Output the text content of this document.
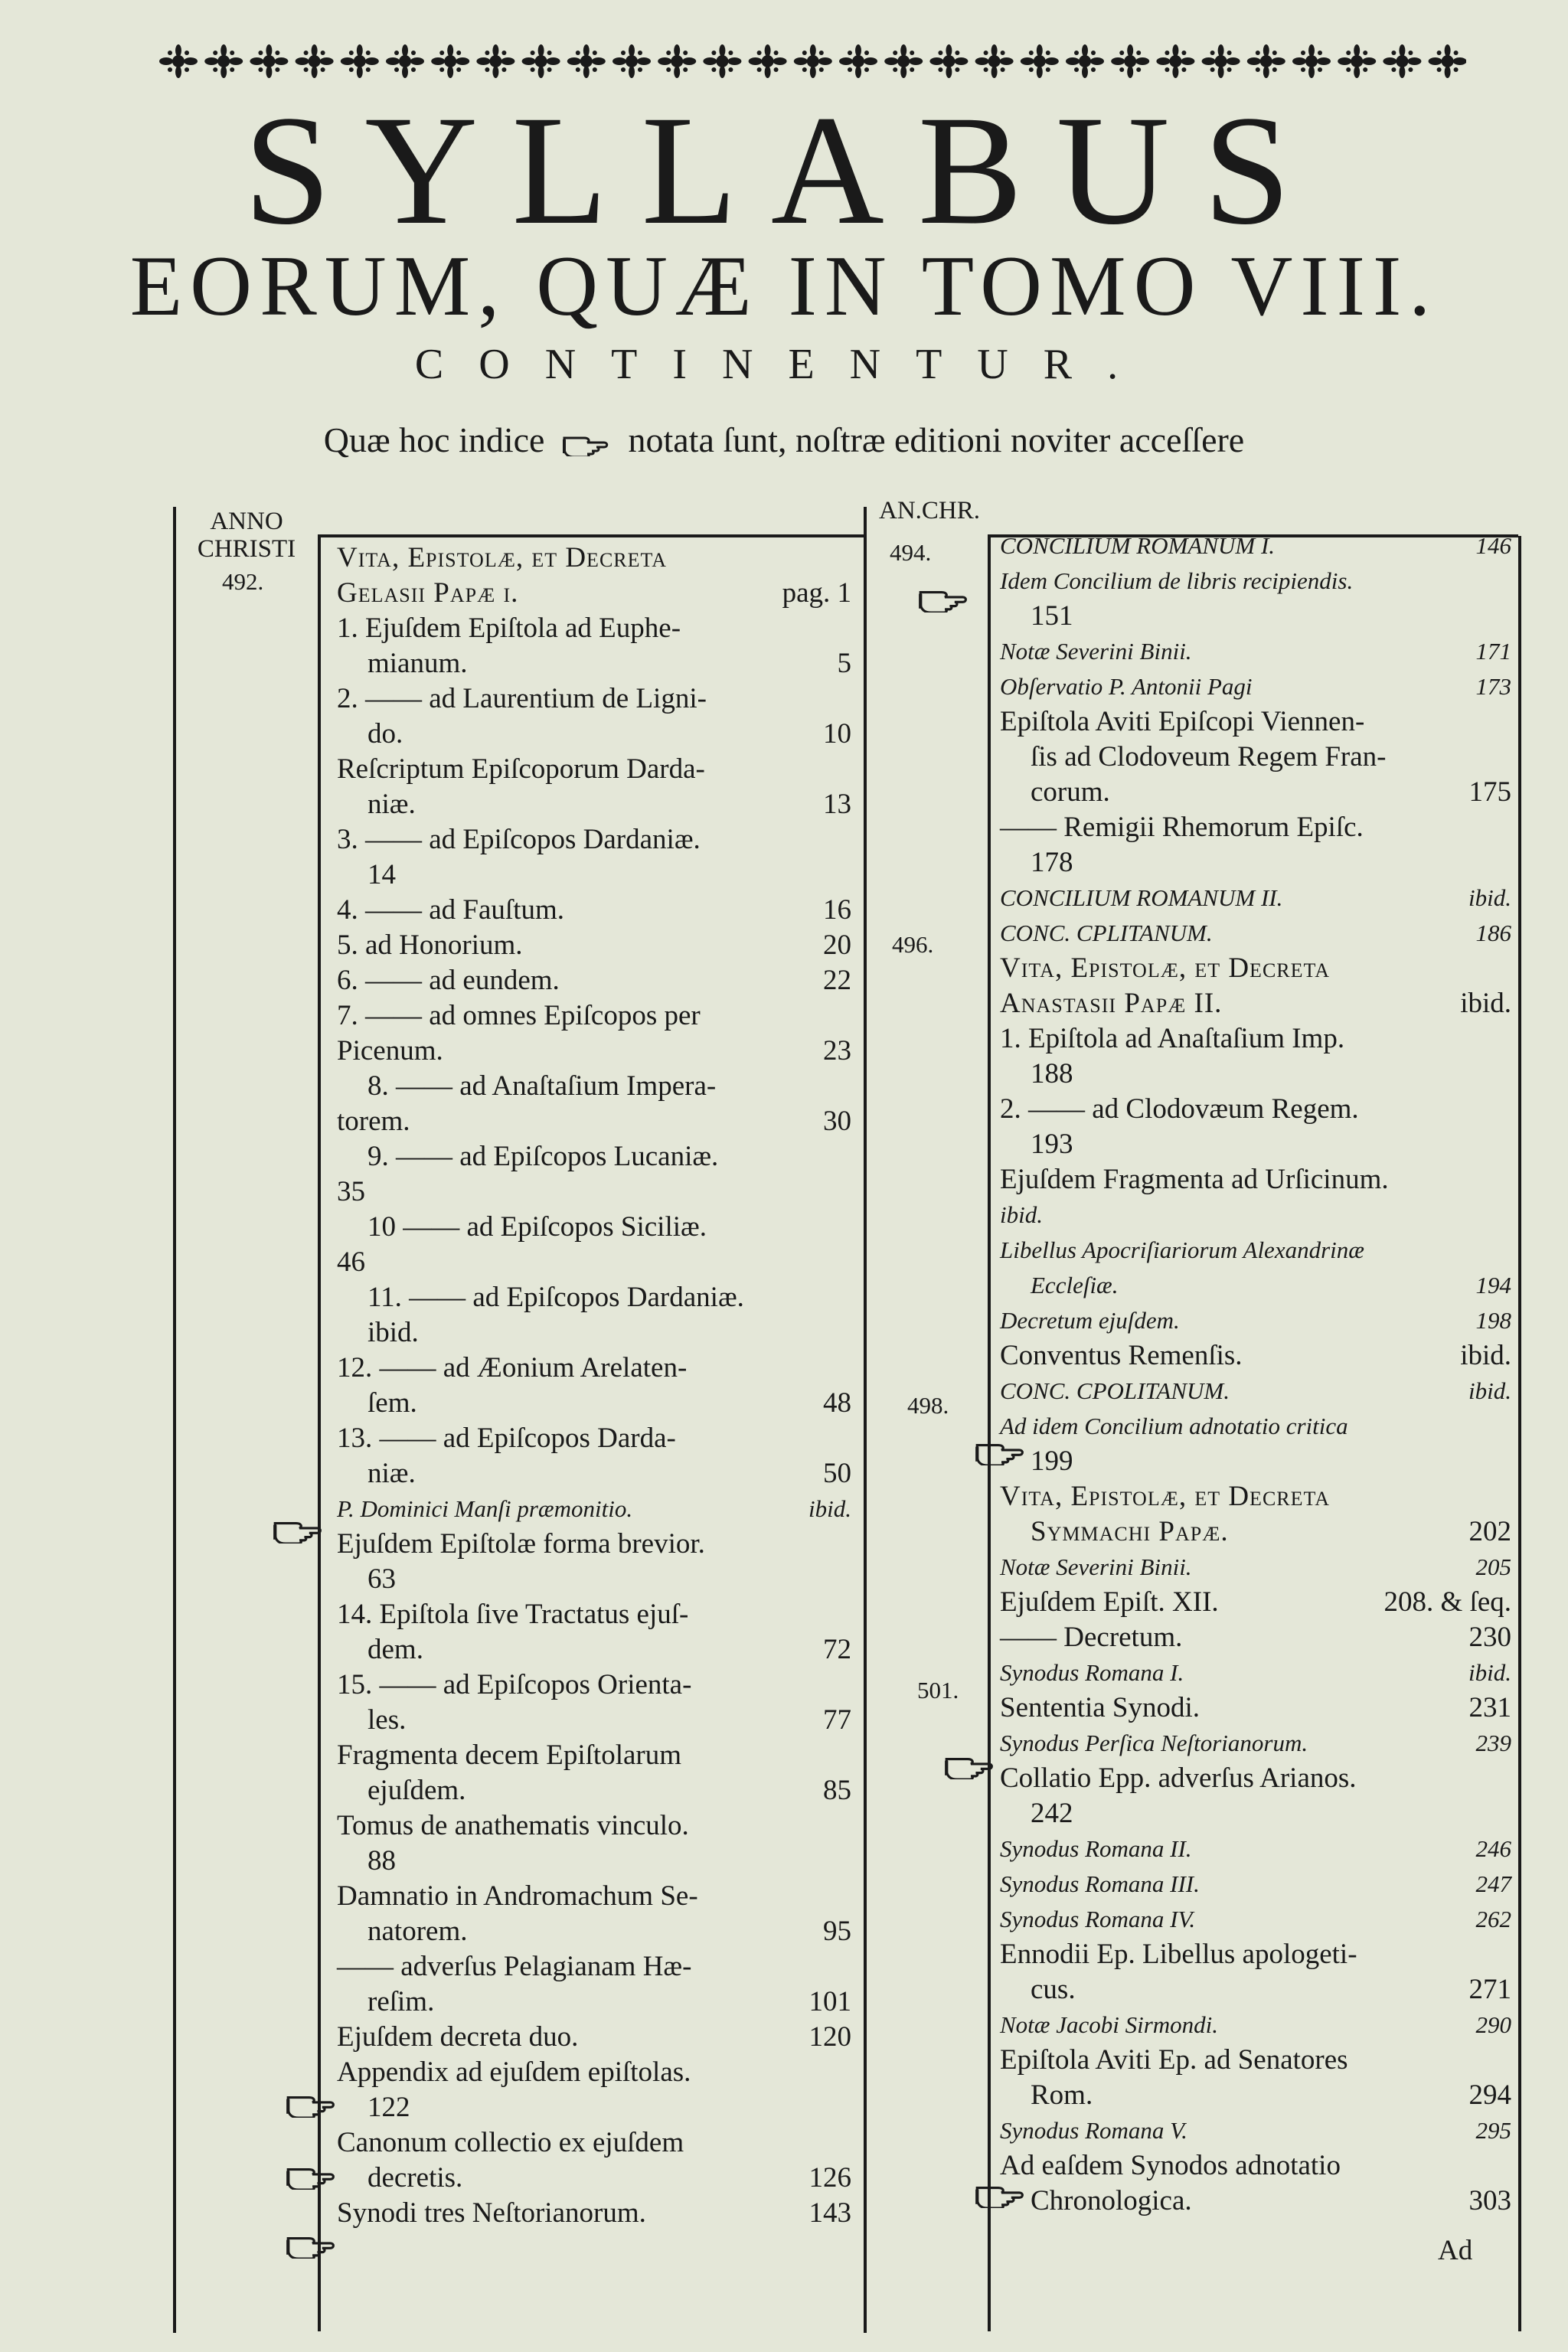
SYLLABUS
EORUM, QUÆ IN TOMO VIII.
CONTINENTUR.
Quæ hoc indice notata ſunt, noſtræ editioni noviter acceſſere
ANNO
CHRISTI
AN.CHR.
492.
494.
496.
498.
501.
Vita, Epistolæ, et Decreta
Gelasii Papæ i.	pag. 1
1. Ejuſdem Epiſtola ad Euphe-
mianum.	5
2. —— ad Laurentium de Ligni-
do.	10
Reſcriptum Epiſcoporum Darda-
niæ.	13
3. —— ad Epiſcopos Dardaniæ.
14
4. —— ad Fauſtum.	16
5. ad Honorium.	20
6. —— ad eundem.	22
7. —— ad omnes Epiſcopos per
Picenum.	23
8. —— ad Anaſtaſium Impera-
torem.	30
9. —— ad Epiſcopos Lucaniæ.
35
10 —— ad Epiſcopos Siciliæ.
46
11. —— ad Epiſcopos Dardaniæ.
ibid.
12. —— ad Æonium Arelaten-
ſem.	48
13. —— ad Epiſcopos Darda-
niæ.	50
P. Dominici Manſi præmonitio.	ibid.
Ejuſdem Epiſtolæ forma brevior.
63
14. Epiſtola ſive Tractatus ejuſ-
dem.	72
15. —— ad Epiſcopos Orienta-
les.	77
Fragmenta decem Epiſtolarum
ejuſdem.	85
Tomus de anathematis vinculo.
88
Damnatio in Andromachum Se-
natorem.	95
—— adverſus Pelagianam Hæ-
reſim.	101
Ejuſdem decreta duo.	120
Appendix ad ejuſdem epiſtolas.
122
Canonum collectio ex ejuſdem
decretis.	126
Synodi tres Neſtorianorum.	143
CONCILIUM ROMANUM I.	146
Idem Concilium de libris recipiendis.
151
Notæ Severini Binii.	171
Obſervatio P. Antonii Pagi	173
Epiſtola Aviti Epiſcopi Viennen-
ſis ad Clodoveum Regem Fran-
corum.	175
—— Remigii Rhemorum Epiſc.
178
CONCILIUM ROMANUM II.	ibid.
CONC. CPLITANUM.	186
Vita, Epistolæ, et Decreta
Anastasii Papæ II.	ibid.
1. Epiſtola ad Anaſtaſium Imp.
188
2. —— ad Clodovæum Regem.
193
Ejuſdem Fragmenta ad Urſicinum.
ibid.
Libellus Apocriſiariorum Alexandrinæ
Eccleſiæ.	194
Decretum ejuſdem.	198
Conventus Remenſis.	ibid.
CONC. CPOLITANUM.	ibid.
Ad idem Concilium adnotatio critica
199
Vita, Epistolæ, et Decreta
Symmachi Papæ.	202
Notæ Severini Binii.	205
Ejuſdem Epiſt. XII.	208. & ſeq.
—— Decretum.	230
Synodus Romana I.	ibid.
Sententia Synodi.	231
Synodus Perſica Neſtorianorum.	239
Collatio Epp. adverſus Arianos.
242
Synodus Romana II.	246
Synodus Romana III.	247
Synodus Romana IV.	262
Ennodii Ep. Libellus apologeti-
cus.	271
Notæ Jacobi Sirmondi.	290
Epiſtola Aviti Ep. ad Senatores
Rom.	294
Synodus Romana V.	295
Ad eaſdem Synodos adnotatio
Chronologica.	303
Ad
